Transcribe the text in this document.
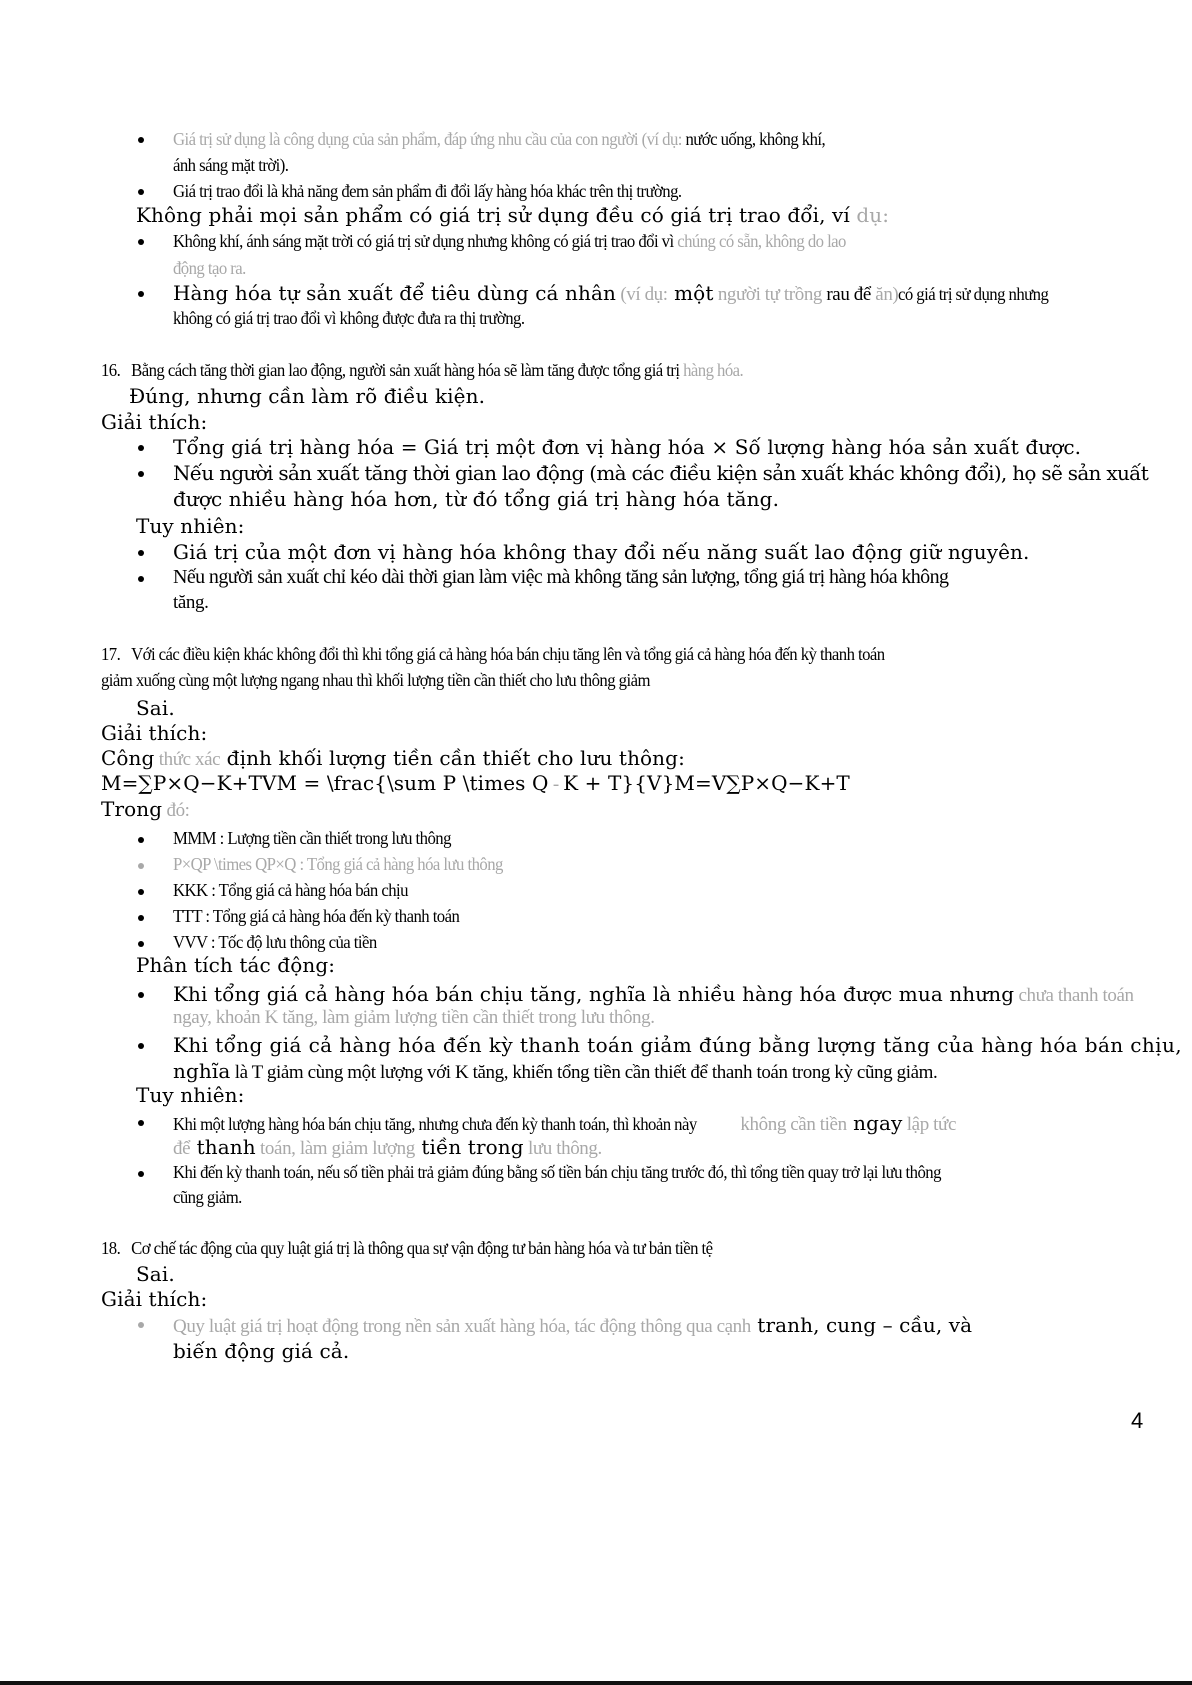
Giá trị sử dụng là công dụng của sản phẩm, đáp ứng nhu cầu của con người (ví dụ: nước uống, không khí,
ánh sáng mặt trời).
Giá trị trao đổi là khả năng đem sản phẩm đi đổi lấy hàng hóa khác trên thị trường.
Không phải mọi sản phẩm có giá trị sử dụng đều có giá trị trao đổi, ví dụ:
Không khí, ánh sáng mặt trời có giá trị sử dụng nhưng không có giá trị trao đổi vì chúng có sẵn, không do lao
động tạo ra.
Hàng hóa tự sản xuất để tiêu dùng cá nhân (ví dụ: một người tự trồng rau để ăn)có giá trị sử dụng nhưng
không có giá trị trao đổi vì không được đưa ra thị trường.
16. Bằng cách tăng thời gian lao động, người sản xuất hàng hóa sẽ làm tăng được tổng giá trị hàng hóa.
Đúng, nhưng cần làm rõ điều kiện.
Giải thích:
Tổng giá trị hàng hóa = Giá trị một đơn vị hàng hóa × Số lượng hàng hóa sản xuất được.
Nếu người sản xuất tăng thời gian lao động (mà các điều kiện sản xuất khác không đổi), họ sẽ sản xuất
được nhiều hàng hóa hơn, từ đó tổng giá trị hàng hóa tăng.
Tuy nhiên:
Giá trị của một đơn vị hàng hóa không thay đổi nếu năng suất lao động giữ nguyên.
Nếu người sản xuất chỉ kéo dài thời gian làm việc mà không tăng sản lượng, tổng giá trị hàng hóa không
tăng.
17. Với các điều kiện khác không đổi thì khi tổng giá cả hàng hóa bán chịu tăng lên và tổng giá cả hàng hóa đến kỳ thanh toán
giảm xuống cùng một lượng ngang nhau thì khối lượng tiền cần thiết cho lưu thông giảm
Sai.
Giải thích:
Công thức xác định khối lượng tiền cần thiết cho lưu thông:
M=∑P×Q−K+TVM = \frac{\sum P \times Q - K + T}{V}M=V∑P×Q−K+T
Trong đó:
MMM : Lượng tiền cần thiết trong lưu thông
P×QP \times QP×Q : Tổng giá cả hàng hóa lưu thông
KKK : Tổng giá cả hàng hóa bán chịu
TTT : Tổng giá cả hàng hóa đến kỳ thanh toán
VVV : Tốc độ lưu thông của tiền
Phân tích tác động:
Khi tổng giá cả hàng hóa bán chịu tăng, nghĩa là nhiều hàng hóa được mua nhưng chưa thanh toán
ngay, khoản K tăng, làm giảm lượng tiền cần thiết trong lưu thông.
Khi tổng giá cả hàng hóa đến kỳ thanh toán giảm đúng bằng lượng tăng của hàng hóa bán chịu,
nghĩa là T giảm cùng một lượng với K tăng, khiến tổng tiền cần thiết để thanh toán trong kỳ cũng giảm.
Tuy nhiên:
Khi một lượng hàng hóa bán chịu tăng, nhưng chưa đến kỳ thanh toán, thì khoản này không cần tiền ngay lập tức
để thanh toán, làm giảm lượng tiền trong lưu thông.
Khi đến kỳ thanh toán, nếu số tiền phải trả giảm đúng bằng số tiền bán chịu tăng trước đó, thì tổng tiền quay trở lại lưu thông
cũng giảm.
18. Cơ chế tác động của quy luật giá trị là thông qua sự vận động tư bản hàng hóa và tư bản tiền tệ
Sai.
Giải thích:
Quy luật giá trị hoạt động trong nền sản xuất hàng hóa, tác động thông qua cạnh tranh, cung – cầu, và
biến động giá cả.
4
